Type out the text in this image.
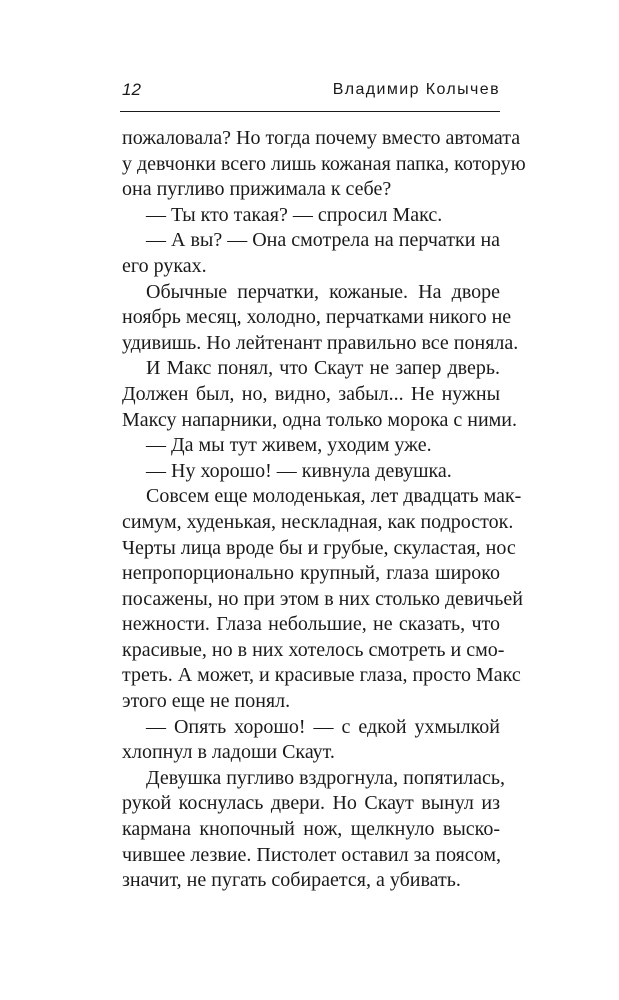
12	Владимир Колычев
пожаловала? Но тогда почему вместо автомата
у девчонки всего лишь кожаная папка, которую
она пугливо прижимала к себе?
— Ты кто такая? — спросил Макс.
— А вы? — Она смотрела на перчатки на
его руках.
Обычные перчатки, кожаные. На дворе
ноябрь месяц, холодно, перчатками никого не
удивишь. Но лейтенант правильно все поняла.
И Макс понял, что Скаут не запер дверь.
Должен был, но, видно, забыл... Не нужны
Максу напарники, одна только морока с ними.
— Да мы тут живем, уходим уже.
— Ну хорошо! — кивнула девушка.
Совсем еще молоденькая, лет двадцать мак-
симум, худенькая, нескладная, как подросток.
Черты лица вроде бы и грубые, скуластая, нос
непропорционально крупный, глаза широко
посажены, но при этом в них столько девичьей
нежности. Глаза небольшие, не сказать, что
красивые, но в них хотелось смотреть и смо-
треть. А может, и красивые глаза, просто Макс
этого еще не понял.
— Опять хорошо! — с едкой ухмылкой
хлопнул в ладоши Скаут.
Девушка пугливо вздрогнула, попятилась,
рукой коснулась двери. Но Скаут вынул из
кармана кнопочный нож, щелкнуло выско-
чившее лезвие. Пистолет оставил за поясом,
значит, не пугать собирается, а убивать.
